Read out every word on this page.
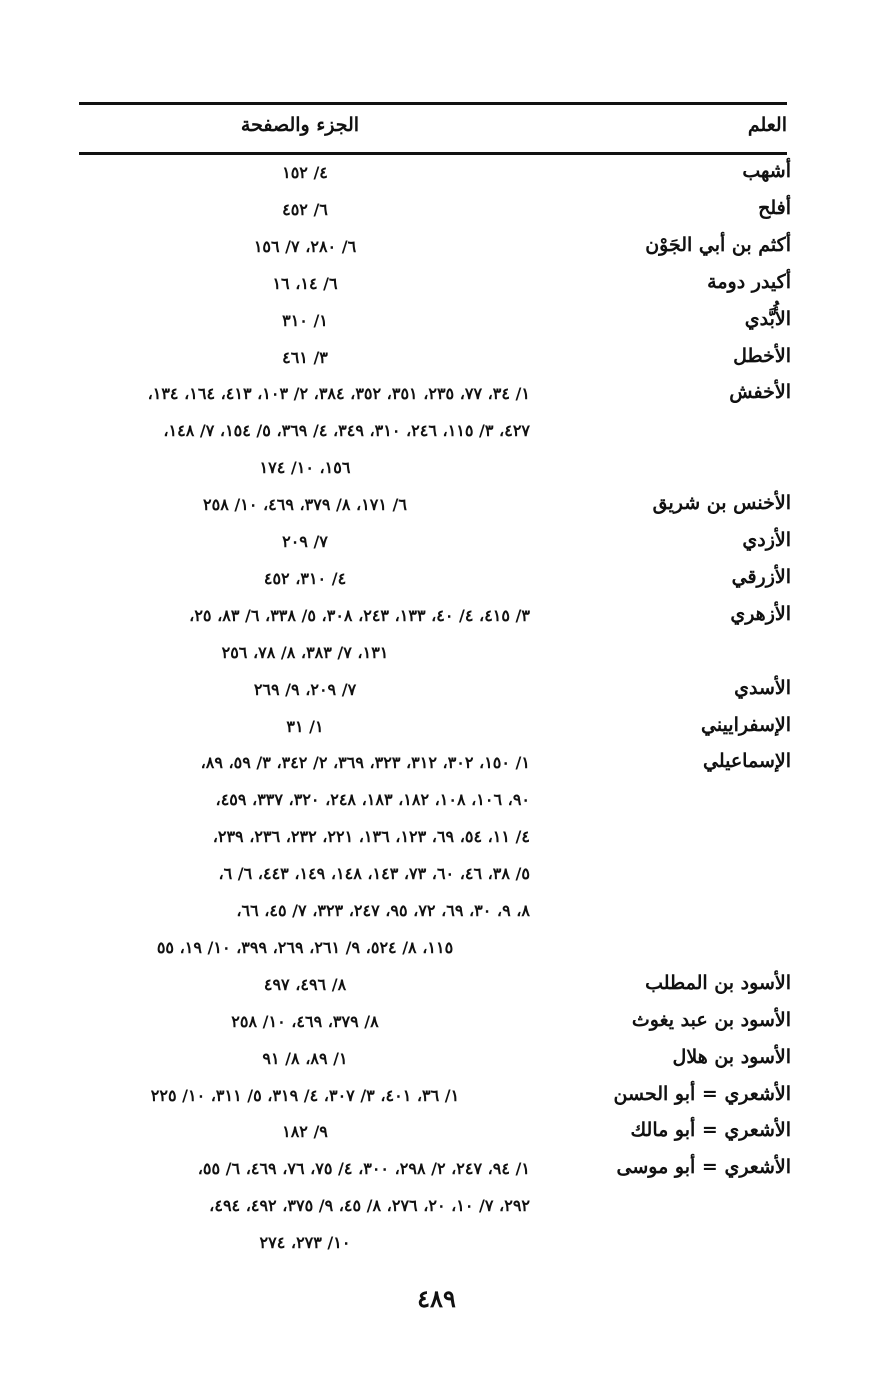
العلم
الجزء والصفحة
أشهب
٤/ ١٥٢
أفلح
٦/ ٤٥٢
أكثم بن أبي الجَوْن
٦/ ٢٨٠، ٧/ ١٥٦
أكيدر دومة
٦/ ١٤، ١٦
الأُبَّدي
١/ ٣١٠
الأخطل
٣/ ٤٦١
الأخفش
١/ ٣٤، ٧٧، ٢٣٥، ٣٥١، ٣٥٢، ٣٨٤، ٢/ ١٠٣، ٤١٣، ١٦٤، ١٣٤،
٤٢٧، ٣/ ١١٥، ٢٤٦، ٣١٠، ٣٤٩، ٤/ ٣٦٩، ٥/ ١٥٤، ٧/ ١٤٨،
١٥٦، ١٠/ ١٧٤
الأخنس بن شريق
٦/ ١٧١، ٨/ ٣٧٩، ٤٦٩، ١٠/ ٢٥٨
الأزدي
٧/ ٢٠٩
الأزرقي
٤/ ٣١٠، ٤٥٢
الأزهري
٣/ ٤١٥، ٤/ ٤٠، ١٣٣، ٢٤٣، ٣٠٨، ٥/ ٣٣٨، ٦/ ٨٣، ٢٥،
١٣١، ٧/ ٣٨٣، ٨/ ٧٨، ٢٥٦
الأسدي
٧/ ٢٠٩، ٩/ ٢٦٩
الإسفراييني
١/ ٣١
الإسماعيلي
١/ ١٥٠، ٣٠٢، ٣١٢، ٣٢٣، ٣٦٩، ٢/ ٣٤٢، ٣/ ٥٩، ٨٩،
٩٠، ١٠٦، ١٠٨، ١٨٢، ١٨٣، ٢٤٨، ٣٢٠، ٣٣٧، ٤٥٩،
٤/ ١١، ٥٤، ٦٩، ١٢٣، ١٣٦، ٢٢١، ٢٣٢، ٢٣٦، ٢٣٩،
٥/ ٣٨، ٤٦، ٦٠، ٧٣، ١٤٣، ١٤٨، ١٤٩، ٤٤٣، ٦/ ٦،
٨، ٩، ٣٠، ٦٩، ٧٢، ٩٥، ٢٤٧، ٣٢٣، ٧/ ٤٥، ٦٦،
١١٥، ٨/ ٥٢٤، ٩/ ٢٦١، ٢٦٩، ٣٩٩، ١٠/ ١٩، ٥٥
الأسود بن المطلب
٨/ ٤٩٦، ٤٩٧
الأسود بن عبد يغوث
٨/ ٣٧٩، ٤٦٩، ١٠/ ٢٥٨
الأسود بن هلال
١/ ٨٩، ٨/ ٩١
الأشعري = أبو الحسن
١/ ٣٦، ٤٠١، ٣/ ٣٠٧، ٤/ ٣١٩، ٥/ ٣١١، ١٠/ ٢٢٥
الأشعري = أبو مالك
٩/ ١٨٢
الأشعري = أبو موسى
١/ ٩٤، ٢٤٧، ٢/ ٢٩٨، ٣٠٠، ٤/ ٧٥، ٧٦، ٤٦٩، ٦/ ٥٥،
٢٩٢، ٧/ ١٠، ٢٠، ٢٧٦، ٨/ ٤٥، ٩/ ٣٧٥، ٤٩٢، ٤٩٤،
١٠/ ٢٧٣، ٢٧٤
٤٨٩
